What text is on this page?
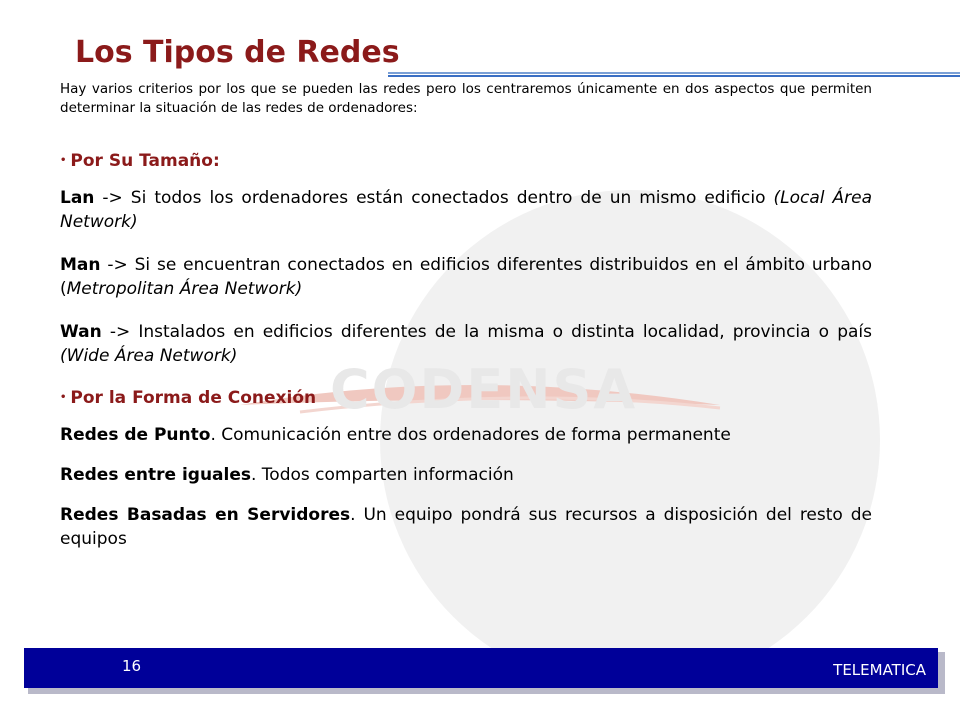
CODENSA
Los Tipos de Redes

Hay varios criterios por los que se pueden las redes pero los centraremos únicamente en dos aspectos que permiten determinar la situación de las redes de ordenadores:

• Por Su Tamaño:

Lan -> Si todos los ordenadores están conectados dentro de un mismo edificio (Local Área Network)

Man -> Si se encuentran conectados en edificios diferentes distribuidos en el ámbito urbano (Metropolitan Área Network)

Wan -> Instalados en edificios diferentes de la misma o distinta localidad, provincia o país (Wide Área Network)

• Por la Forma de Conexión

Redes de Punto. Comunicación entre dos ordenadores de forma permanente

Redes entre iguales. Todos comparten información

Redes Basadas en Servidores. Un equipo pondrá sus recursos a disposición del resto de equipos

16	TELEMATICA
